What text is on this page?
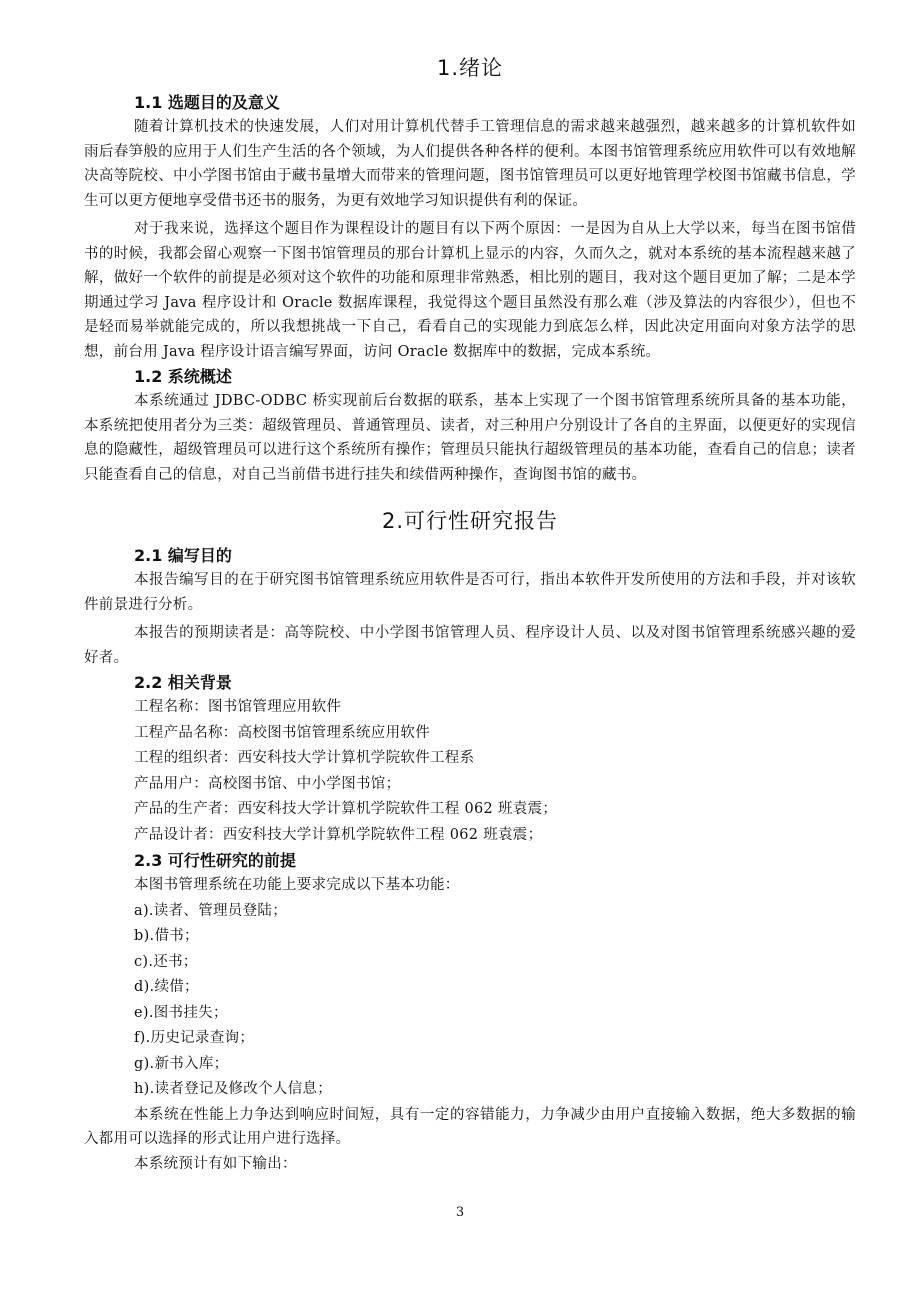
1.绪论
1.1 选题目的及意义

随着计算机技术的快速发展，人们对用计算机代替手工管理信息的需求越来越强烈，越来越多的计算机软件如雨后春笋般的应用于人们生产生活的各个领域，为人们提供各种各样的便利。本图书馆管理系统应用软件可以有效地解决高等院校、中小学图书馆由于藏书量增大而带来的管理问题，图书馆管理员可以更好地管理学校图书馆藏书信息，学生可以更方便地享受借书还书的服务，为更有效地学习知识提供有利的保证。

对于我来说，选择这个题目作为课程设计的题目有以下两个原因：一是因为自从上大学以来，每当在图书馆借书的时候，我都会留心观察一下图书馆管理员的那台计算机上显示的内容，久而久之，就对本系统的基本流程越来越了解，做好一个软件的前提是必须对这个软件的功能和原理非常熟悉，相比别的题目，我对这个题目更加了解；二是本学期通过学习 Java 程序设计和 Oracle 数据库课程，我觉得这个题目虽然没有那么难（涉及算法的内容很少），但也不是轻而易举就能完成的，所以我想挑战一下自己，看看自己的实现能力到底怎么样，因此决定用面向对象方法学的思想，前台用 Java 程序设计语言编写界面，访问 Oracle 数据库中的数据，完成本系统。

1.2 系统概述

本系统通过 JDBC-ODBC 桥实现前后台数据的联系，基本上实现了一个图书馆管理系统所具备的基本功能，本系统把使用者分为三类：超级管理员、普通管理员、读者，对三种用户分别设计了各自的主界面，以便更好的实现信息的隐藏性，超级管理员可以进行这个系统所有操作；管理员只能执行超级管理员的基本功能，查看自己的信息；读者只能查看自己的信息，对自己当前借书进行挂失和续借两种操作，查询图书馆的藏书。

2.可行性研究报告
2.1 编写目的

本报告编写目的在于研究图书馆管理系统应用软件是否可行，指出本软件开发所使用的方法和手段，并对该软件前景进行分析。

本报告的预期读者是：高等院校、中小学图书馆管理人员、程序设计人员、以及对图书馆管理系统感兴趣的爱好者。

2.2 相关背景

工程名称：图书馆管理应用软件

工程产品名称：高校图书馆管理系统应用软件

工程的组织者：西安科技大学计算机学院软件工程系

产品用户：高校图书馆、中小学图书馆；

产品的生产者：西安科技大学计算机学院软件工程 062 班袁震；

产品设计者：西安科技大学计算机学院软件工程 062 班袁震；

2.3 可行性研究的前提

本图书管理系统在功能上要求完成以下基本功能：

a).读者、管理员登陆；

b).借书；

c).还书；

d).续借；

e).图书挂失；

f).历史记录查询；

g).新书入库；

h).读者登记及修改个人信息；

本系统在性能上力争达到响应时间短，具有一定的容错能力，力争减少由用户直接输入数据，绝大多数据的输入都用可以选择的形式让用户进行选择。

本系统预计有如下输出：

3
